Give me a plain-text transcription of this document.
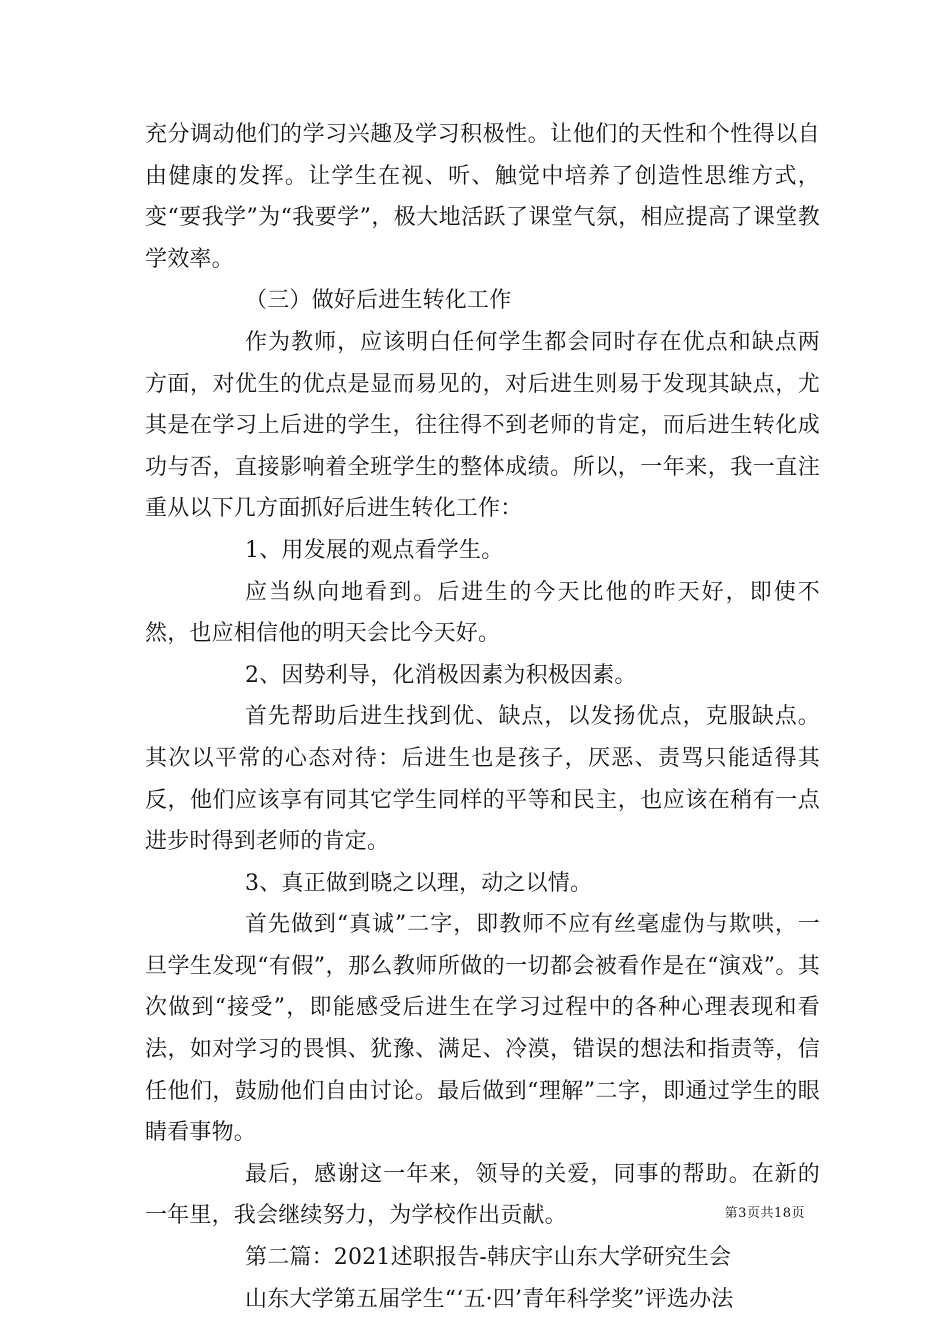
充分调动他们的学习兴趣及学习积极性。让他们的天性和个性得以自由健康的发挥。让学生在视、听、触觉中培养了创造性思维方式，变“要我学”为“我要学”，极大地活跃了课堂气氛，相应提高了课堂教学效率。

（三）做好后进生转化工作

作为教师，应该明白任何学生都会同时存在优点和缺点两方面，对优生的优点是显而易见的，对后进生则易于发现其缺点，尤其是在学习上后进的学生，往往得不到老师的肯定，而后进生转化成功与否，直接影响着全班学生的整体成绩。所以，一年来，我一直注重从以下几方面抓好后进生转化工作：

1、用发展的观点看学生。

应当纵向地看到。后进生的今天比他的昨天好，即使不然，也应相信他的明天会比今天好。

2、因势利导，化消极因素为积极因素。

首先帮助后进生找到优、缺点，以发扬优点，克服缺点。其次以平常的心态对待：后进生也是孩子，厌恶、责骂只能适得其反，他们应该享有同其它学生同样的平等和民主，也应该在稍有一点进步时得到老师的肯定。

3、真正做到晓之以理，动之以情。

首先做到“真诚”二字，即教师不应有丝毫虚伪与欺哄，一旦学生发现“有假”，那么教师所做的一切都会被看作是在“演戏”。其次做到“接受”，即能感受后进生在学习过程中的各种心理表现和看法，如对学习的畏惧、犹豫、满足、冷漠，错误的想法和指责等，信任他们，鼓励他们自由讨论。最后做到“理解”二字，即通过学生的眼睛看事物。

最后，感谢这一年来，领导的关爱，同事的帮助。在新的一年里，我会继续努力，为学校作出贡献。

第二篇：2021述职报告-韩庆宇山东大学研究生会

山东大学第五届学生“‘五·四’青年科学奖”评选办法

第3页共18页
